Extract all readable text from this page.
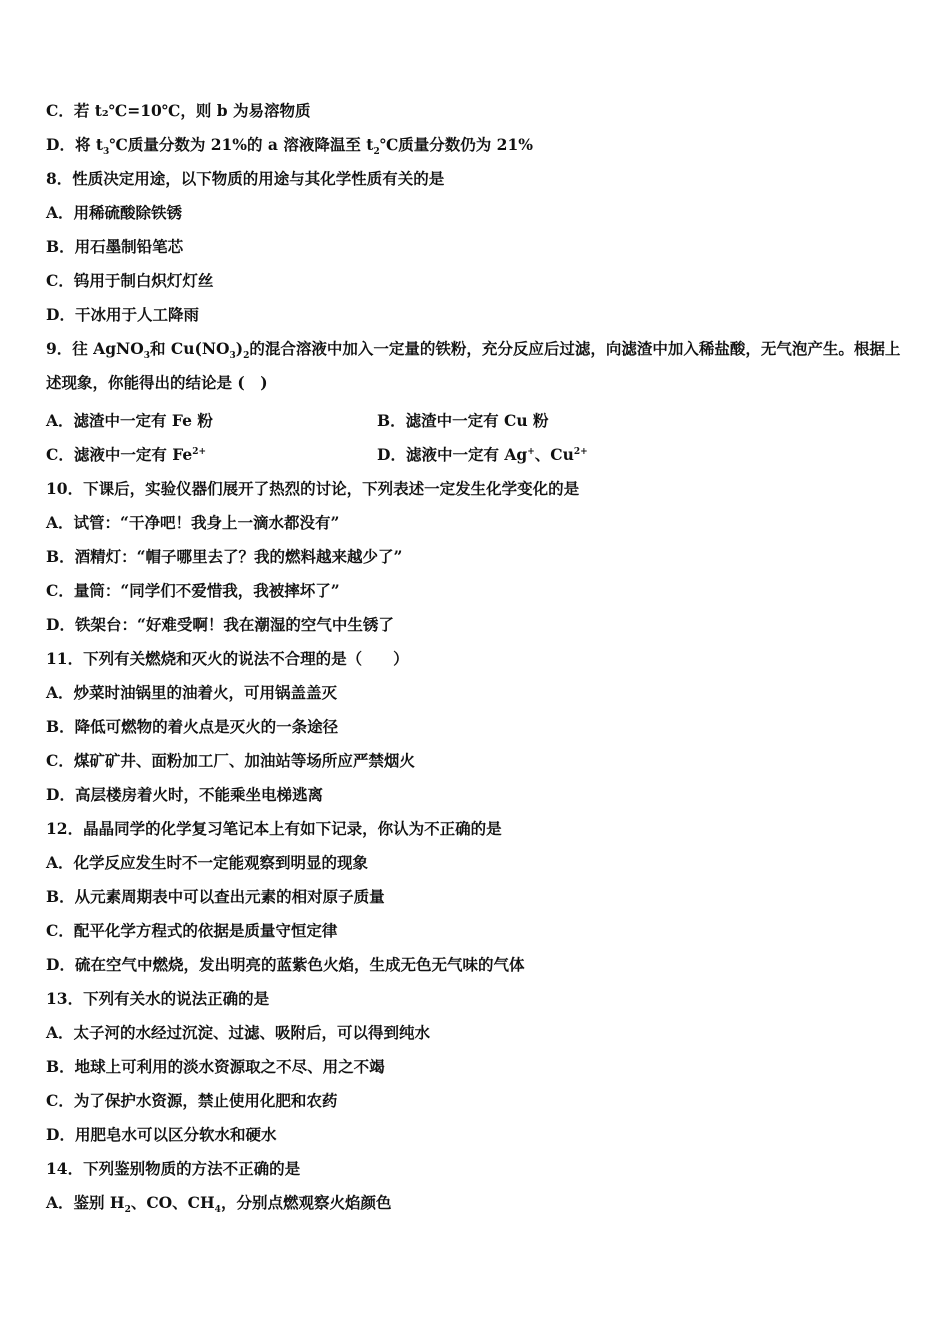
C．若 t₂℃=10℃，则 b 为易溶物质
D．将 $t_3℃$质量分数为 21%的 a 溶液降温至 $t_2℃$质量分数仍为 21%
8．性质决定用途，以下物质的用途与其化学性质有关的是
A．用稀硫酸除铁锈
B．用石墨制铅笔芯
C．钨用于制白炽灯灯丝
D．干冰用于人工降雨
9．往 AgNO$_3$和 $Cu(NO_3)_2$的混合溶液中加入一定量的铁粉，充分反应后过滤，向滤渣中加入稀盐酸，无气泡产生。根据上述现象，你能得出的结论是 (　)
A．滤渣中一定有 Fe 粉	B．滤渣中一定有 Cu 粉
C．滤液中一定有 $Fe^{2+}$	D．滤液中一定有 Ag+、$Cu^{2+}$
10．下课后，实验仪器们展开了热烈的讨论，下列表述一定发生化学变化的是
A．试管：“干净吧！我身上一滴水都没有”
B．酒精灯：“帽子哪里去了？我的燃料越来越少了”
C．量筒：“同学们不爱惜我，我被摔坏了”
D．铁架台：“好难受啊！我在潮湿的空气中生锈了
11．下列有关燃烧和灭火的说法不合理的是（　　）
A．炒菜时油锅里的油着火，可用锅盖盖灭
B．降低可燃物的着火点是灭火的一条途径
C．煤矿矿井、面粉加工厂、加油站等场所应严禁烟火
D．高层楼房着火时，不能乘坐电梯逃离
12．晶晶同学的化学复习笔记本上有如下记录，你认为不正确的是
A．化学反应发生时不一定能观察到明显的现象
B．从元素周期表中可以查出元素的相对原子质量
C．配平化学方程式的依据是质量守恒定律
D．硫在空气中燃烧，发出明亮的蓝紫色火焰，生成无色无气味的气体
13．下列有关水的说法正确的是
A．太子河的水经过沉淀、过滤、吸附后，可以得到纯水
B．地球上可利用的淡水资源取之不尽、用之不竭
C．为了保护水资源，禁止使用化肥和农药
D．用肥皂水可以区分软水和硬水
14．下列鉴别物质的方法不正确的是
A．鉴别 $H_2$、CO、$CH_4$，分别点燃观察火焰颜色
